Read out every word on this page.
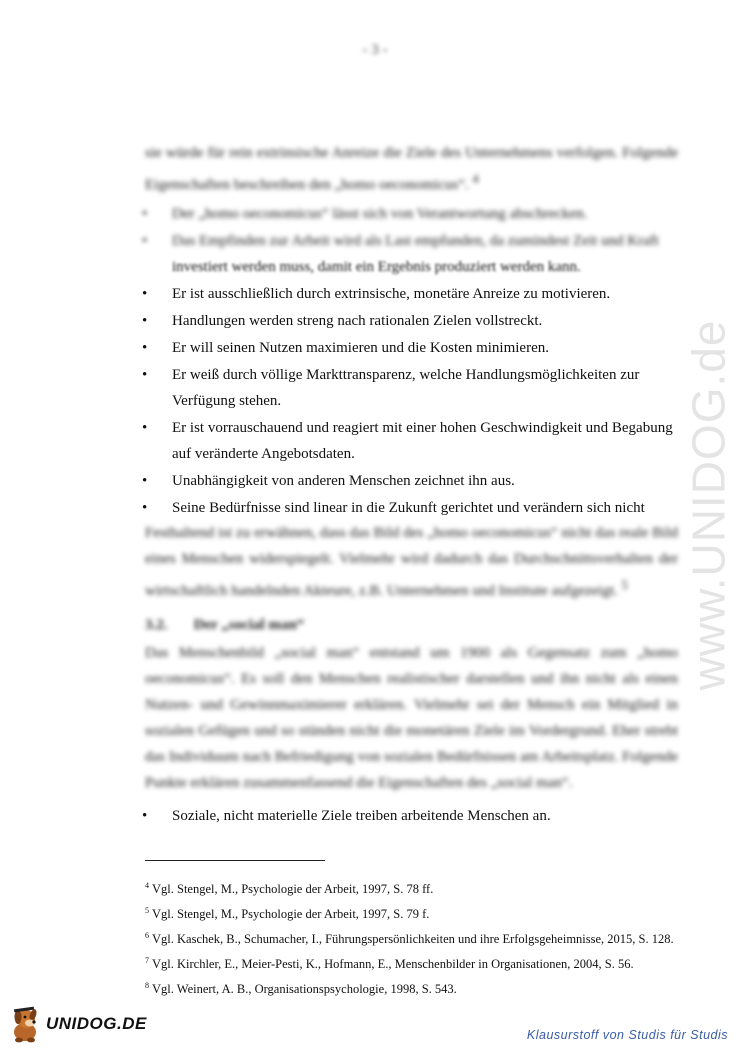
www.UNIDOG.de
- 3 -

sie würde für rein extrinsische Anreize die Ziele des Unternehmens verfolgen. Folgende Eigenschaften beschreiben den „homo oeconomicus“. $^4$

• Der „homo oeconomicus“ lässt sich von Verantwortung abschrecken.
• Das Empfinden zur Arbeit wird als Last empfunden, da zumindest Zeit und Kraft
investiert werden muss, damit ein Ergebnis produziert werden kann.
• Er ist ausschließlich durch extrinsische, monetäre Anreize zu motivieren.
• Handlungen werden streng nach rationalen Zielen vollstreckt.
• Er will seinen Nutzen maximieren und die Kosten minimieren.
• Er weiß durch völlige Markttransparenz, welche Handlungsmöglichkeiten zur Verfügung stehen.
• Er ist vorrauschauend und reagiert mit einer hohen Geschwindigkeit und Begabung auf veränderte Angebotsdaten.
• Unabhängigkeit von anderen Menschen zeichnet ihn aus.
• Seine Bedürfnisse sind linear in die Zukunft gerichtet und verändern sich nicht

Festhaltend ist zu erwähnen, dass das Bild des „homo oeconomicus“ nicht das reale Bild eines Menschen widerspiegelt. Vielmehr wird dadurch das Durchschnittsverhalten der wirtschaftlich handelnden Akteure, z.B. Unternehmen und Institute aufgezeigt. $^5$

3.2. Der „social man“

Das Menschenbild „social man“ entstand um 1900 als Gegensatz zum „homo oeconomicus“. Es soll den Menschen realistischer darstellen und ihn nicht als einen Nutzen- und Gewinnmaximierer erklären. Vielmehr sei der Mensch ein Mitglied in sozialen Gefügen und so stünden nicht die monetären Ziele im Vordergrund. Eher strebt das Individuum nach Befriedigung von sozialen Bedürfnissen am Arbeitsplatz. Folgende Punkte erklären zusammenfassend die Eigenschaften des „social man“.

• Soziale, nicht materielle Ziele treiben arbeitende Menschen an.
$^4$ Vgl. Stengel, M., Psychologie der Arbeit, 1997, S. 78 ff.
$^5$ Vgl. Stengel, M., Psychologie der Arbeit, 1997, S. 79 f.
$^6$ Vgl. Kaschek, B., Schumacher, I., Führungspersönlichkeiten und ihre Erfolgsgeheimnisse, 2015, S. 128.
$^7$ Vgl. Kirchler, E., Meier-Pesti, K., Hofmann, E., Menschenbilder in Organisationen, 2004, S. 56.
$^8$ Vgl. Weinert, A. B., Organisationspsychologie, 1998, S. 543.
UNIDOG.DE
Klausurstoff von Studis für Studis
